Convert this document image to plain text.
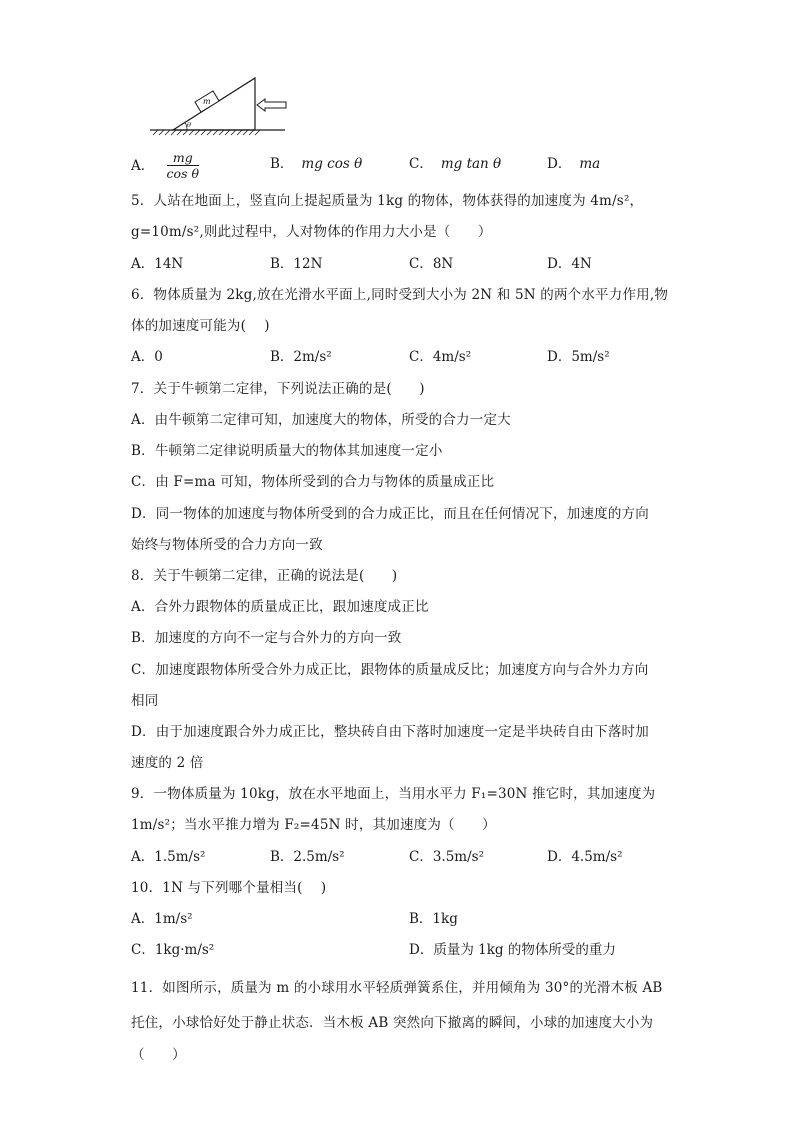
m
θ
A． $\frac{mg}{\text{cos θ}}$	B． mg cos θ	C． mg tan θ	D． ma
5．人站在地面上，竖直向上提起质量为 1kg 的物体，物体获得的加速度为 4m/s²，
g=10m/s²,则此过程中，人对物体的作用力大小是（　　）
A．14N	B．12N	C．8N	D．4N
6．物体质量为 2kg,放在光滑水平面上,同时受到大小为 2N 和 5N 的两个水平力作用,物
体的加速度可能为(　 )
A．0	B．2m/s²	C．4m/s²	D．5m/s²
7．关于牛顿第二定律，下列说法正确的是(　　)
A．由牛顿第二定律可知，加速度大的物体，所受的合力一定大
B．牛顿第二定律说明质量大的物体其加速度一定小
C．由 F=ma 可知，物体所受到的合力与物体的质量成正比
D．同一物体的加速度与物体所受到的合力成正比，而且在任何情况下，加速度的方向
始终与物体所受的合力方向一致
8．关于牛顿第二定律，正确的说法是(　　)
A．合外力跟物体的质量成正比，跟加速度成正比
B．加速度的方向不一定与合外力的方向一致
C．加速度跟物体所受合外力成正比，跟物体的质量成反比；加速度方向与合外力方向
相同
D．由于加速度跟合外力成正比，整块砖自由下落时加速度一定是半块砖自由下落时加
速度的 2 倍
9．一物体质量为 10kg，放在水平地面上，当用水平力 F₁=30N 推它时，其加速度为
1m/s²；当水平推力增为 F₂=45N 时，其加速度为（　　）
A．1.5m/s²	B．2.5m/s²	C．3.5m/s²	D．4.5m/s²
10．1N 与下列哪个量相当(　 )
A．1m/s²	B．1kg
C．1kg·m/s²	D．质量为 1kg 的物体所受的重力
11．如图所示，质量为 m 的小球用水平轻质弹簧系住，并用倾角为 30°的光滑木板 AB
托住，小球恰好处于静止状态．当木板 AB 突然向下撤离的瞬间，小球的加速度大小为
（　　）
